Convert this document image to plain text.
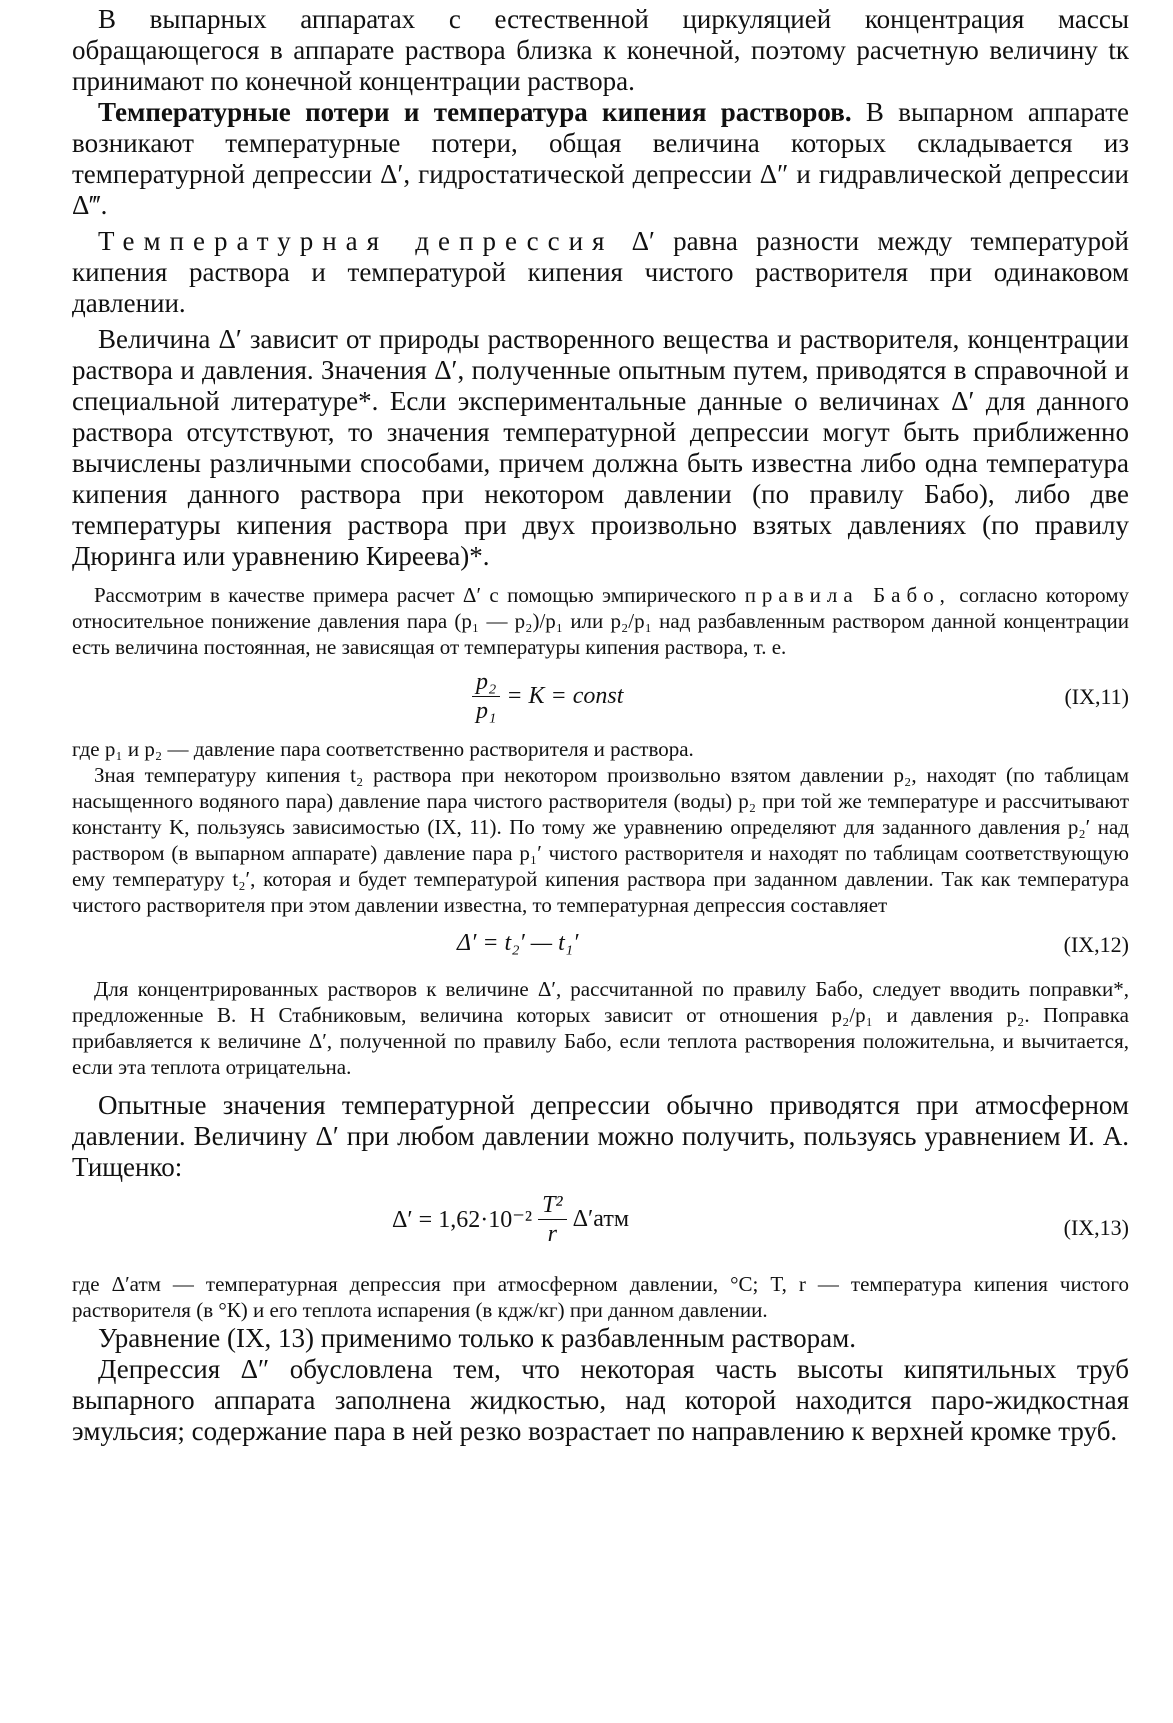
В выпарных аппаратах с естественной циркуляцией концентрация массы обращающегося в аппарате раствора близка к конечной, поэтому расчетную величину tк принимают по конечной концентрации раствора.

Температурные потери и температура кипения растворов. В выпарном аппарате возникают температурные потери, общая величина которых складывается из температурной депрессии Δ′, гидростатической депрессии Δ″ и гидравлической депрессии Δ‴.

Температурная депрессия Δ′ равна разности между температурой кипения раствора и температурой кипения чистого растворителя при одинаковом давлении.

Величина Δ′ зависит от природы растворенного вещества и растворителя, концентрации раствора и давления. Значения Δ′, полученные опытным путем, приводятся в справочной и специальной литературе*. Если экспериментальные данные о величинах Δ′ для данного раствора отсутствуют, то значения температурной депрессии могут быть приближенно вычислены различными способами, причем должна быть известна либо одна температура кипения данного раствора при некотором давлении (по правилу Бабо), либо две температуры кипения раствора при двух произвольно взятых давлениях (по правилу Дюринга или уравнению Киреева)*.

Рассмотрим в качестве примера расчет Δ′ с помощью эмпирического правила Бабо, согласно которому относительное понижение давления пара (p₁ — p₂)/p₁ или p₂/p₁ над разбавленным раствором данной концентрации есть величина постоянная, не зависящая от температуры кипения раствора, т. е.

$\frac{\text{p₂}}{\text{p₁}} = K$ = const	(IX,11)

где p₁ и p₂ — давление пара соответственно растворителя и раствора.

Зная температуру кипения t₂ раствора при некотором произвольно взятом давлении p₂, находят (по таблицам насыщенного водяного пара) давление пара чистого растворителя (воды) p₂ при той же температуре и рассчитывают константу K, пользуясь зависимостью (IX, 11). По тому же уравнению определяют для заданного давления p₂′ над раствором (в выпарном аппарате) давление пара p₁′ чистого растворителя и находят по таблицам соответствующую ему температуру t₂′, которая и будет температурой кипения раствора при заданном давлении. Так как температура чистого растворителя при этом давлении известна, то температурная депрессия составляет

Δ′ = t₂′ — t₁′	(IX,12)

Для концентрированных растворов к величине Δ′, рассчитанной по правилу Бабо, следует вводить поправки*, предложенные В. Н Стабниковым, величина которых зависит от отношения p₂/p₁ и давления p₂. Поправка прибавляется к величине Δ′, полученной по правилу Бабо, если теплота растворения положительна, и вычитается, если эта теплота отрицательна.

Опытные значения температурной депрессии обычно приводятся при атмосферном давлении. Величину Δ′ при любом давлении можно получить, пользуясь уравнением И. А. Тищенко:

$\Delta' = 1,62\cdot 10^{-2} \frac{\text{T²}}{r} \Delta'атм$	(IX,13)

где Δ′атм — температурная депрессия при атмосферном давлении, °С; T, r — температура кипения чистого растворителя (в °К) и его теплота испарения (в кдж/кг) при данном давлении.

Уравнение (IX, 13) применимо только к разбавленным растворам.

Депрессия Δ″ обусловлена тем, что некоторая часть высоты кипятильных труб выпарного аппарата заполнена жидкостью, над которой находится паро-жидкостная эмульсия; содержание пара в ней резко возрастает по направлению к верхней кромке труб.
